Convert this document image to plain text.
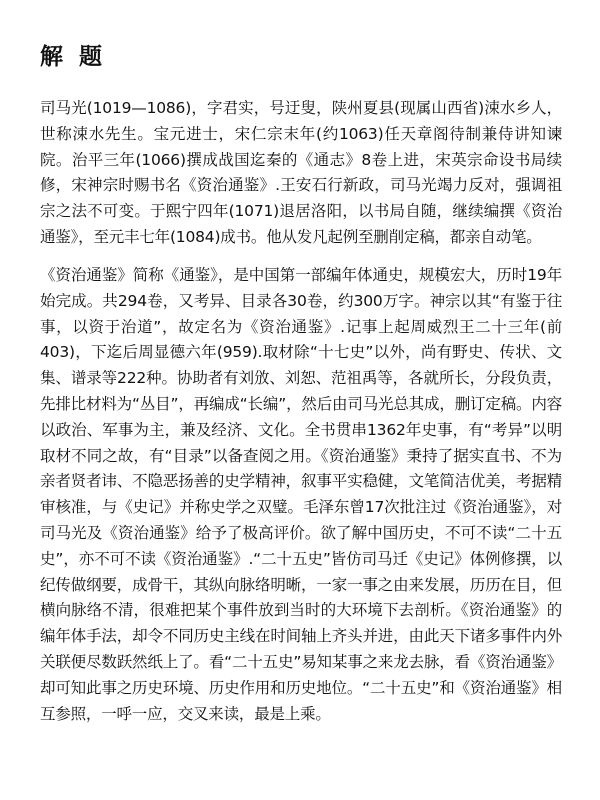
解 题

司马光(1019—1086)，字君实，号迂叟，陕州夏县(现属山西省)涑水乡人，世称涑水先生。宝元进士，宋仁宗末年(约1063)任天章阁待制兼侍讲知谏院。治平三年(1066)撰成战国迄秦的《通志》8卷上进，宋英宗命设书局续修，宋神宗时赐书名《资治通鉴》.王安石行新政，司马光竭力反对，强调祖宗之法不可变。于熙宁四年(1071)退居洛阳，以书局自随，继续编撰《资治通鉴》，至元丰七年(1084)成书。他从发凡起例至删削定稿，都亲自动笔。

《资治通鉴》简称《通鉴》，是中国第一部编年体通史，规模宏大，历时19年始完成。共294卷，又考异、目录各30卷，约300万字。神宗以其“有鉴于往事，以资于治道”，故定名为《资治通鉴》.记事上起周威烈王二十三年(前403)，下迄后周显德六年(959).取材除“十七史”以外，尚有野史、传状、文集、谱录等222种。协助者有刘攽、刘恕、范祖禹等，各就所长，分段负责，先排比材料为“丛目”，再编成“长编”，然后由司马光总其成，删订定稿。内容以政治、军事为主，兼及经济、文化。全书贯串1362年史事，有“考异”以明取材不同之故，有“目录”以备查阅之用。《资治通鉴》秉持了据实直书、不为亲者贤者讳、不隐恶扬善的史学精神，叙事平实稳健，文笔简洁优美，考据精审核准，与《史记》并称史学之双璧。毛泽东曾17次批注过《资治通鉴》，对司马光及《资治通鉴》给予了极高评价。欲了解中国历史，不可不读“二十五史”，亦不可不读《资治通鉴》.“二十五史”皆仿司马迁《史记》体例修撰，以纪传做纲要，成骨干，其纵向脉络明晰，一家一事之由来发展，历历在目，但横向脉络不清，很难把某个事件放到当时的大环境下去剖析。《资治通鉴》的编年体手法，却令不同历史主线在时间轴上齐头并进，由此天下诸多事件内外关联便尽数跃然纸上了。看“二十五史”易知某事之来龙去脉，看《资治通鉴》却可知此事之历史环境、历史作用和历史地位。“二十五史”和《资治通鉴》相互参照，一呼一应，交叉来读，最是上乘。
